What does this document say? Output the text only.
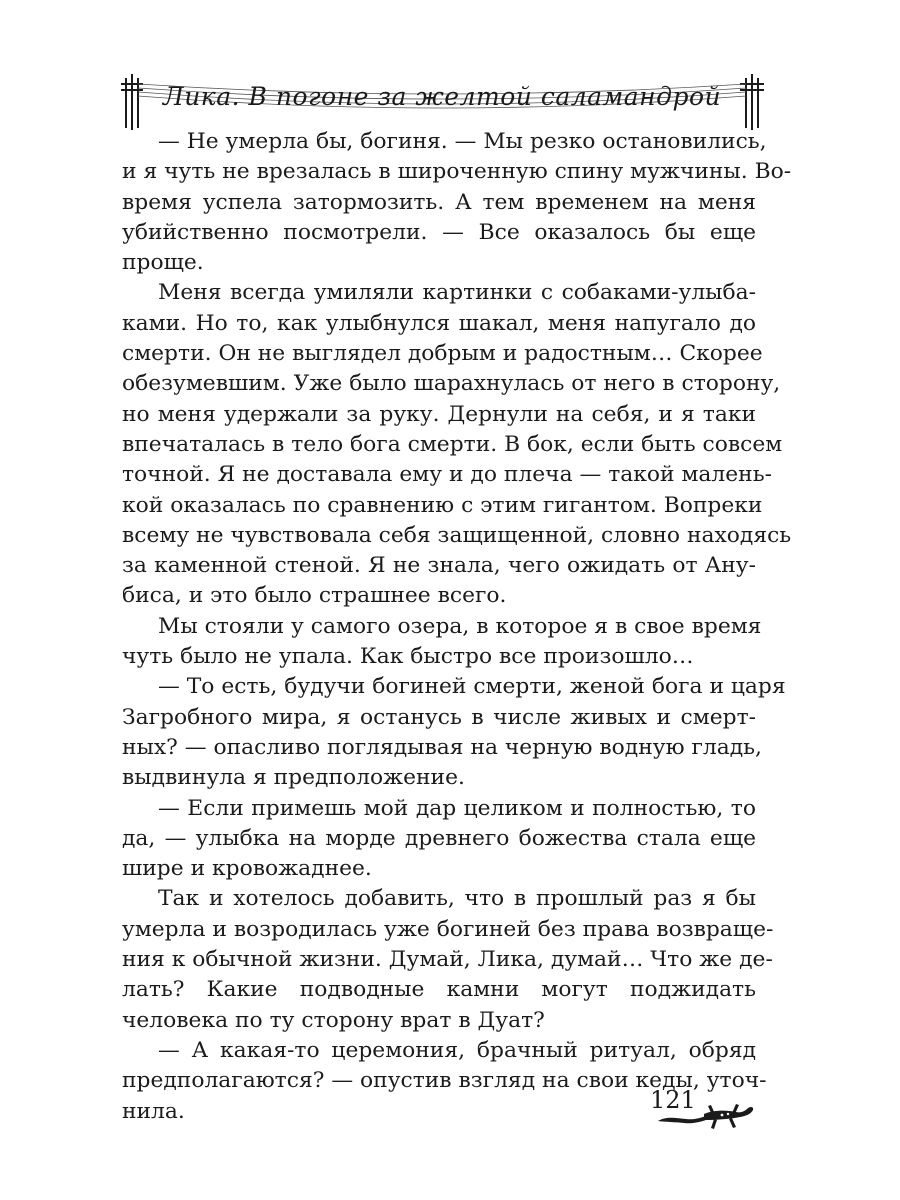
Лика. В погоне за желтой саламандрой

— Не умерла бы, богиня. — Мы резко остановились,
и я чуть не врезалась в широченную спину мужчины. Во-
время успела затормозить. А тем временем на меня
убийственно посмотрели. — Все оказалось бы еще
проще.

Меня всегда умиляли картинки с собаками-улыба-
ками. Но то, как улыбнулся шакал, меня напугало до
смерти. Он не выглядел добрым и радостным… Скорее
обезумевшим. Уже было шарахнулась от него в сторону,
но меня удержали за руку. Дернули на себя, и я таки
впечаталась в тело бога смерти. В бок, если быть совсем
точной. Я не доставала ему и до плеча — такой малень-
кой оказалась по сравнению с этим гигантом. Вопреки
всему не чувствовала себя защищенной, словно находясь
за каменной стеной. Я не знала, чего ожидать от Ану-
биса, и это было страшнее всего.

Мы стояли у самого озера, в которое я в свое время
чуть было не упала. Как быстро все произошло…

— То есть, будучи богиней смерти, женой бога и царя
Загробного мира, я останусь в числе живых и смерт-
ных? — опасливо поглядывая на черную водную гладь,
выдвинула я предположение.

— Если примешь мой дар целиком и полностью, то
да, — улыбка на морде древнего божества стала еще
шире и кровожаднее.

Так и хотелось добавить, что в прошлый раз я бы
умерла и возродилась уже богиней без права возвраще-
ния к обычной жизни. Думай, Лика, думай… Что же де-
лать? Какие подводные камни могут поджидать
человека по ту сторону врат в Дуат?

— А какая-то церемония, брачный ритуал, обряд
предполагаются? — опустив взгляд на свои кеды, уточ-
нила.	121
